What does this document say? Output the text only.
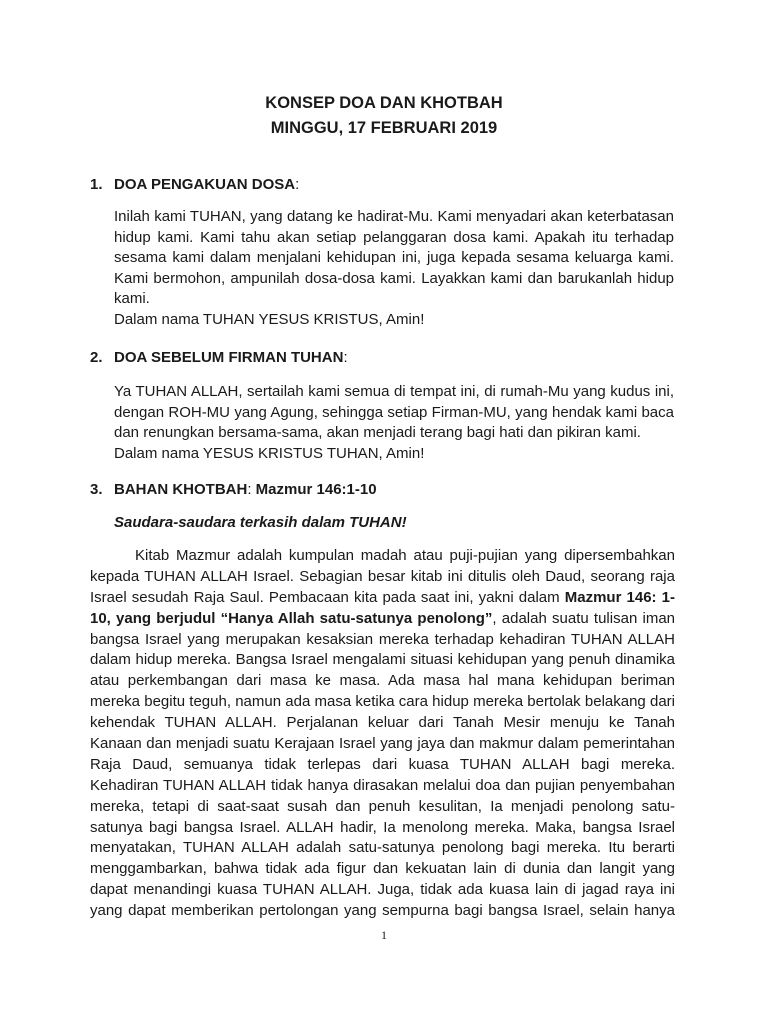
KONSEP DOA DAN KHOTBAH
MINGGU, 17 FEBRUARI 2019
1. DOA PENGAKUAN DOSA:
Inilah kami TUHAN, yang datang ke hadirat-Mu. Kami menyadari akan keterbatasan
hidup kami. Kami tahu akan setiap pelanggaran dosa kami. Apakah itu terhadap
sesama kami dalam menjalani kehidupan ini, juga kepada sesama keluarga kami.
Kami bermohon, ampunilah dosa-dosa kami. Layakkan kami dan barukanlah hidup
kami.
Dalam nama TUHAN YESUS KRISTUS, Amin!
2. DOA SEBELUM FIRMAN TUHAN:
Ya TUHAN ALLAH, sertailah kami semua di tempat ini, di rumah-Mu yang kudus ini,
dengan ROH-MU yang Agung, sehingga setiap Firman-MU, yang hendak kami baca
dan renungkan bersama-sama, akan menjadi terang bagi hati dan pikiran kami.
Dalam nama YESUS KRISTUS TUHAN, Amin!
3. BAHAN KHOTBAH: Mazmur 146:1-10
Saudara-saudara terkasih dalam TUHAN!
Kitab Mazmur adalah kumpulan madah atau puji-pujian yang dipersembahkan
kepada TUHAN ALLAH Israel. Sebagian besar kitab ini ditulis oleh Daud, seorang raja
Israel sesudah Raja Saul. Pembacaan kita pada saat ini, yakni dalam Mazmur 146: 1-
10, yang berjudul “Hanya Allah satu-satunya penolong”, adalah suatu tulisan iman
bangsa Israel yang merupakan kesaksian mereka terhadap kehadiran TUHAN ALLAH
dalam hidup mereka. Bangsa Israel mengalami situasi kehidupan yang penuh dinamika
atau perkembangan dari masa ke masa. Ada masa hal mana kehidupan beriman
mereka begitu teguh, namun ada masa ketika cara hidup mereka bertolak belakang dari
kehendak TUHAN ALLAH. Perjalanan keluar dari Tanah Mesir menuju ke Tanah
Kanaan dan menjadi suatu Kerajaan Israel yang jaya dan makmur dalam pemerintahan
Raja Daud, semuanya tidak terlepas dari kuasa TUHAN ALLAH bagi mereka.
Kehadiran TUHAN ALLAH tidak hanya dirasakan melalui doa dan pujian penyembahan
mereka, tetapi di saat-saat susah dan penuh kesulitan, Ia menjadi penolong satu-
satunya bagi bangsa Israel. ALLAH hadir, Ia menolong mereka. Maka, bangsa Israel
menyatakan, TUHAN ALLAH adalah satu-satunya penolong bagi mereka. Itu berarti
menggambarkan, bahwa tidak ada figur dan kekuatan lain di dunia dan langit yang
dapat menandingi kuasa TUHAN ALLAH. Juga, tidak ada kuasa lain di jagad raya ini
yang dapat memberikan pertolongan yang sempurna bagi bangsa Israel, selain hanya
1
